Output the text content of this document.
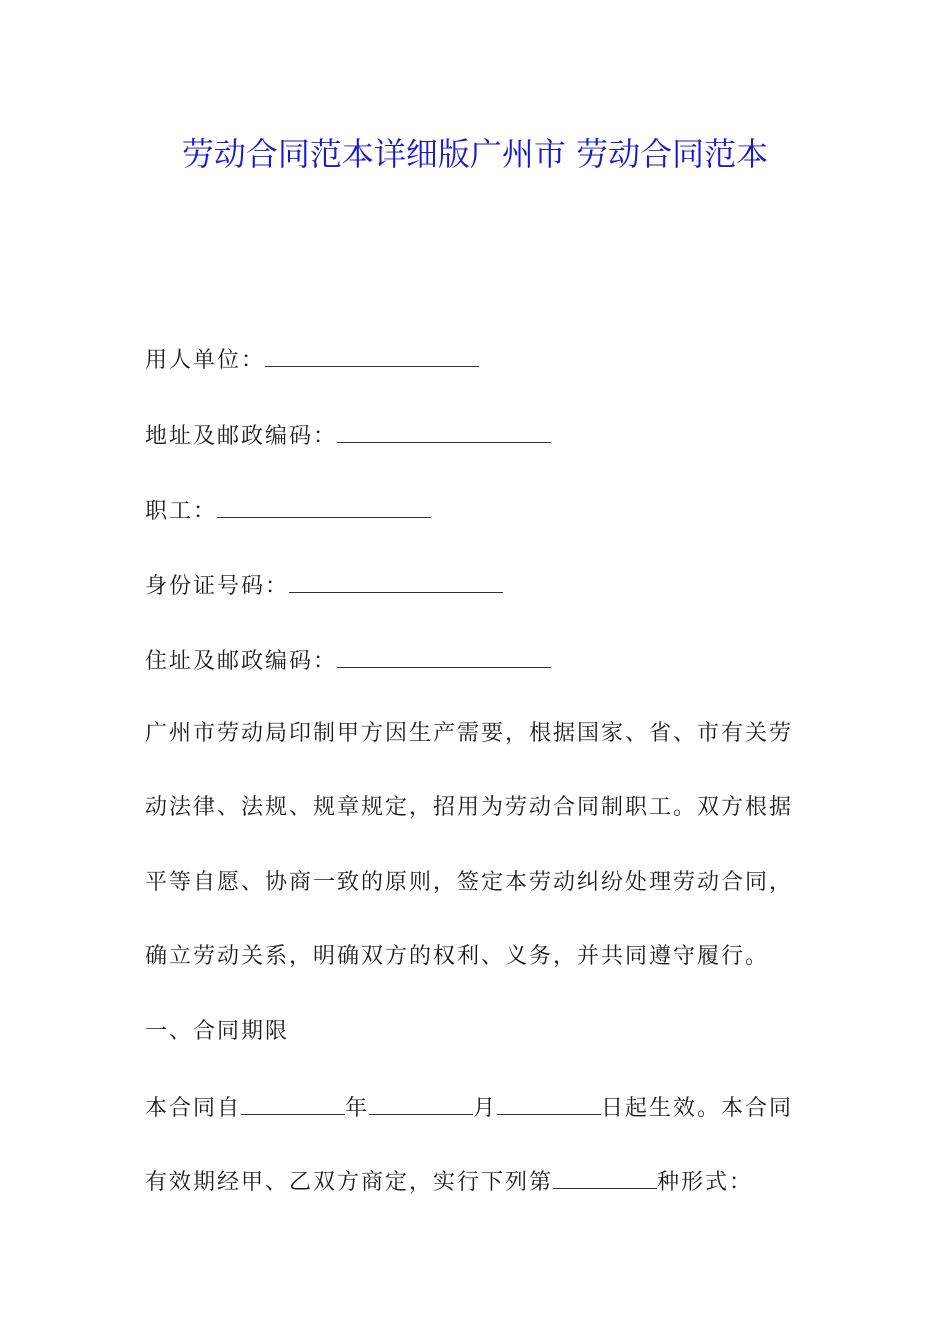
劳动合同范本详细版广州市 劳动合同范本
用人单位：
地址及邮政编码：
职工：
身份证号码：
住址及邮政编码：
广州市劳动局印制甲方因生产需要，根据国家、省、市有关劳
动法律、法规、规章规定，招用为劳动合同制职工。双方根据
平等自愿、协商一致的原则，签定本劳动纠纷处理劳动合同，
确立劳动关系，明确双方的权利、义务，并共同遵守履行。
一、合同期限
本合同自	年	月	日起生效。本合同
有效期经甲、乙双方商定，实行下列第	种形式：
